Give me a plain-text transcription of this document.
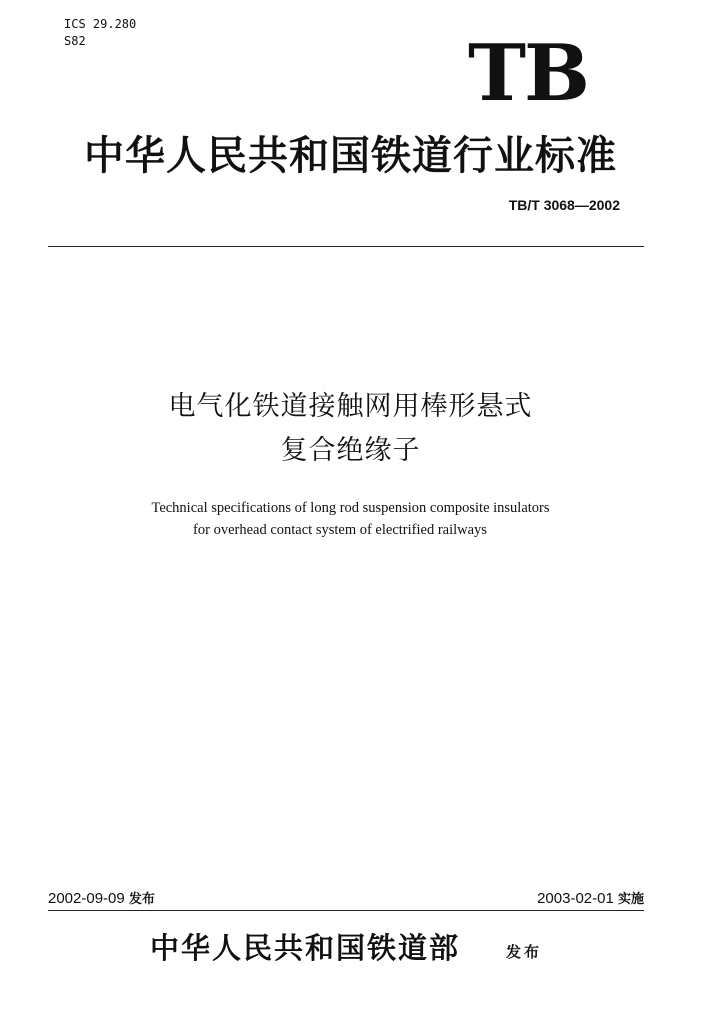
ICS 29.280
S82	TB
中华人民共和国铁道行业标准
TB/T 3068—2002
电气化铁道接触网用棒形悬式
复合绝缘子
Technical specifications of long rod suspension composite insulators
for overhead contact system of electrified railways
2002-09-09 发布	2003-02-01 实施
中华人民共和国铁道部	发布
